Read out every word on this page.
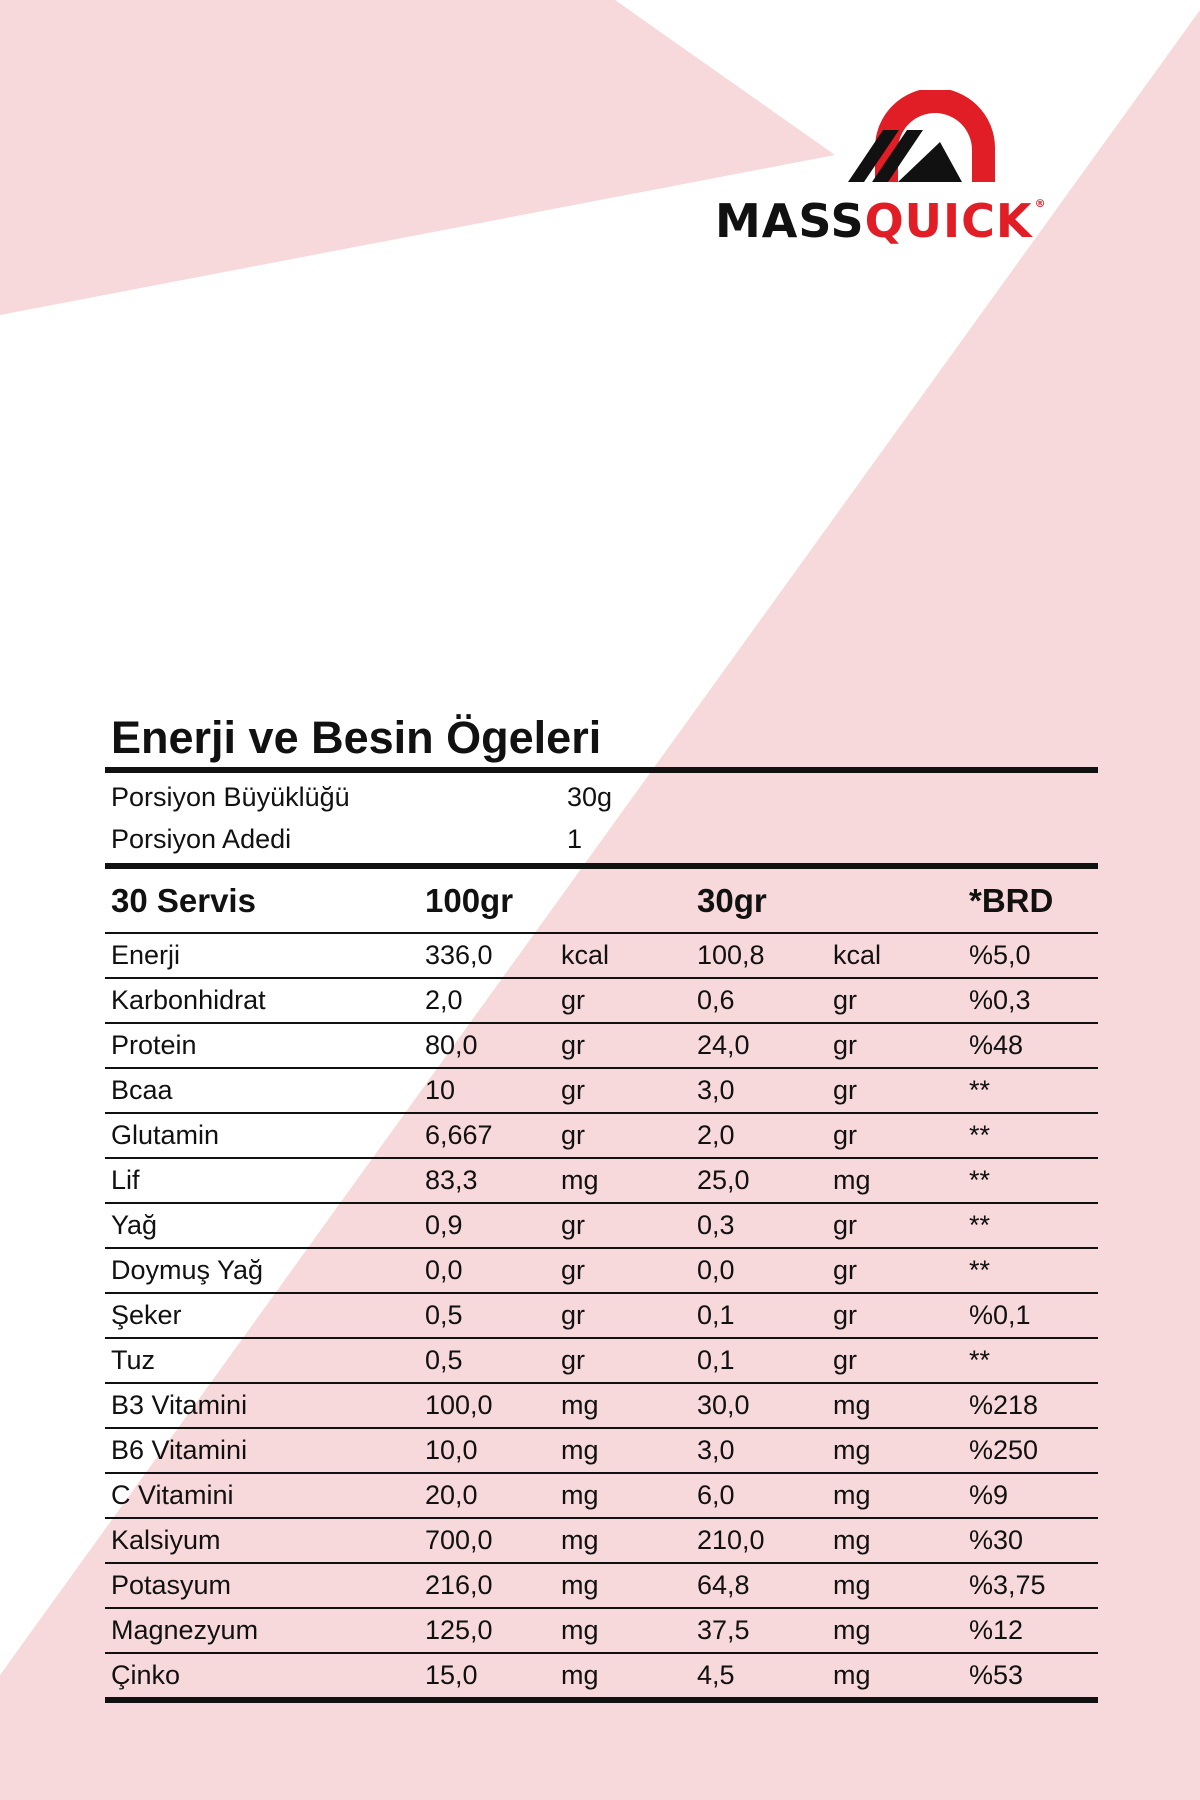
MASSQUICK ®
Enerji ve Besin Ögeleri
Porsiyon Büyüklüğü	30g
Porsiyon Adedi	1
30 Servis	100gr	30gr	*BRD
Enerji	336,0	kcal	100,8	kcal	%5,0
Karbonhidrat	2,0	gr	0,6	gr	%0,3
Protein	80,0	gr	24,0	gr	%48
Bcaa	10	gr	3,0	gr	**
Glutamin	6,667	gr	2,0	gr	**
Lif	83,3	mg	25,0	mg	**
Yağ	0,9	gr	0,3	gr	**
Doymuş Yağ	0,0	gr	0,0	gr	**
Şeker	0,5	gr	0,1	gr	%0,1
Tuz	0,5	gr	0,1	gr	**
B3 Vitamini	100,0	mg	30,0	mg	%218
B6 Vitamini	10,0	mg	3,0	mg	%250
C Vitamini	20,0	mg	6,0	mg	%9
Kalsiyum	700,0	mg	210,0	mg	%30
Potasyum	216,0	mg	64,8	mg	%3,75
Magnezyum	125,0	mg	37,5	mg	%12
Çinko	15,0	mg	4,5	mg	%53
